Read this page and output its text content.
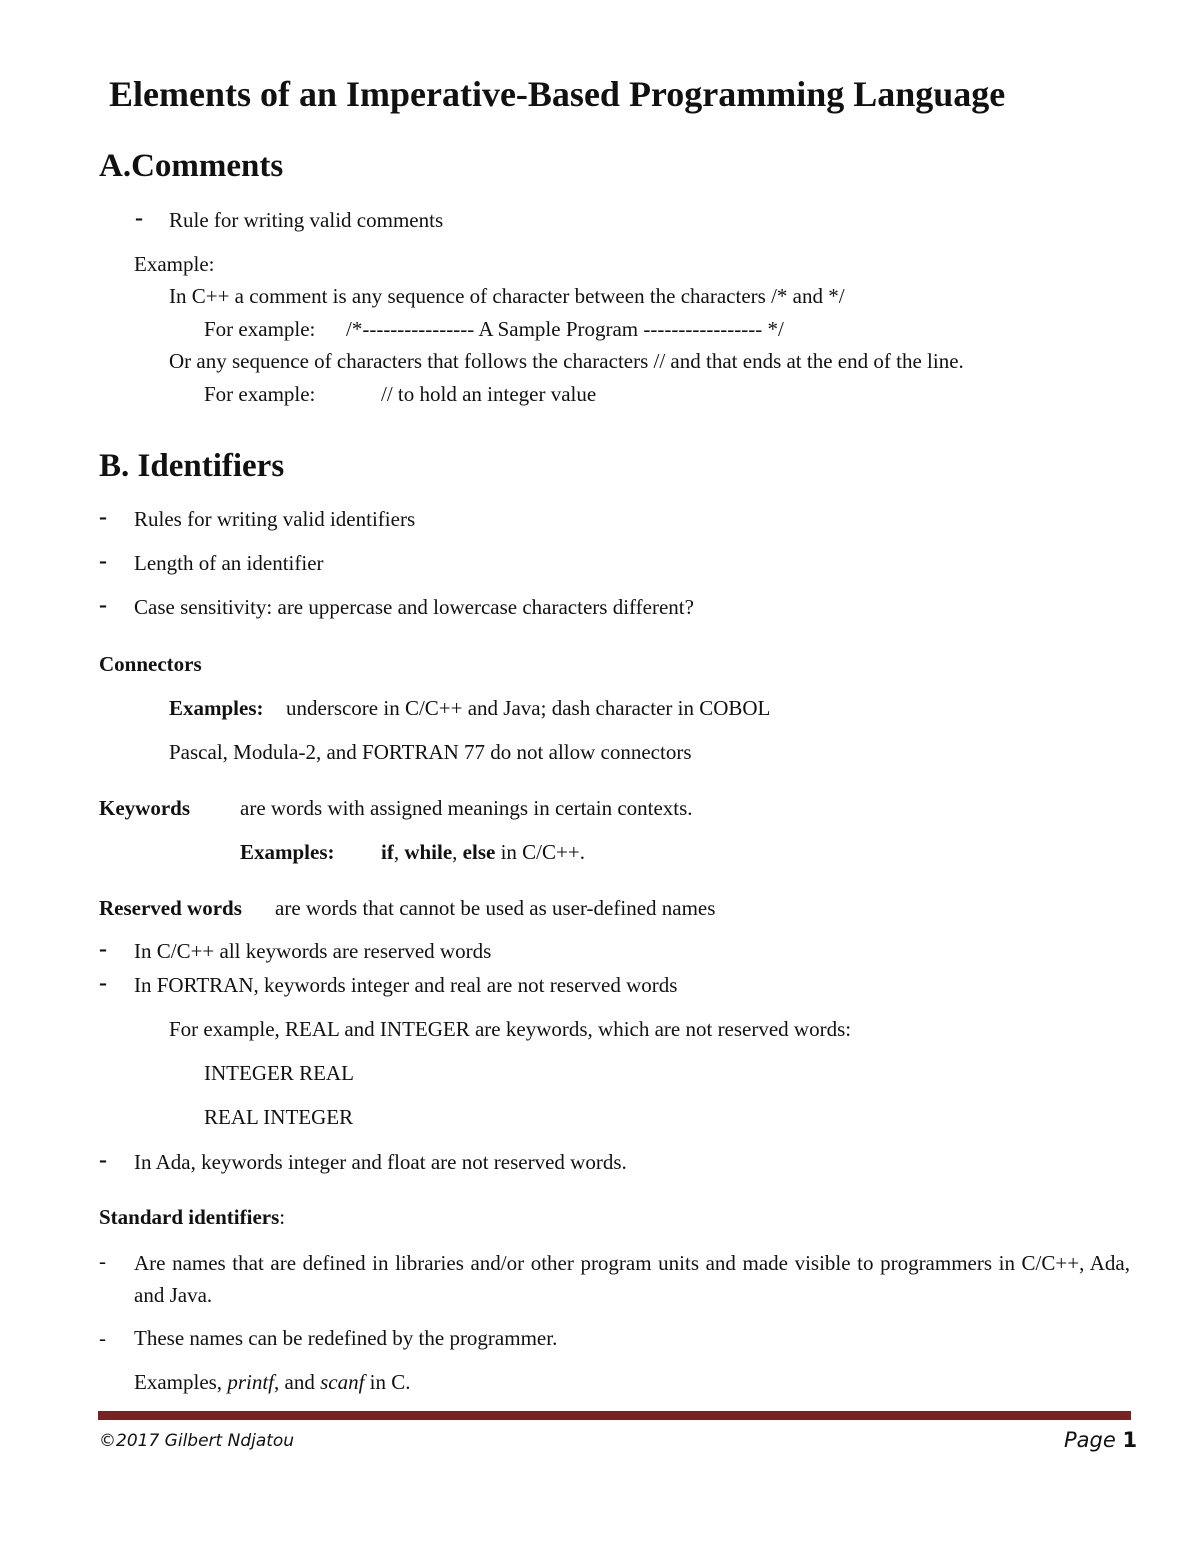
Elements of an Imperative-Based Programming Language
A.Comments
- Rule for writing valid comments
Example:
In C++ a comment is any sequence of character between the characters /* and */
For example: /*---------------- A Sample Program ----------------- */
Or any sequence of characters that follows the characters // and that ends at the end of the line.
For example:	// to hold an integer value
B. Identifiers
- Rules for writing valid identifiers
- Length of an identifier
- Case sensitivity: are uppercase and lowercase characters different?
Connectors
Examples: underscore in C/C++ and Java; dash character in COBOL
Pascal, Modula-2, and FORTRAN 77 do not allow connectors
Keywords are words with assigned meanings in certain contexts.
Examples: if, while, else in C/C++.
Reserved words are words that cannot be used as user-defined names
- In C/C++ all keywords are reserved words
- In FORTRAN, keywords integer and real are not reserved words
For example, REAL and INTEGER are keywords, which are not reserved words:
INTEGER REAL
REAL INTEGER
- In Ada, keywords integer and float are not reserved words.
Standard identifiers:
- Are names that are defined in libraries and/or other program units and made visible to programmers in C/C++, Ada, and Java.
- These names can be redefined by the programmer.
Examples, printf, and scanf in C.
©2017 Gilbert Ndjatou	Page 1
